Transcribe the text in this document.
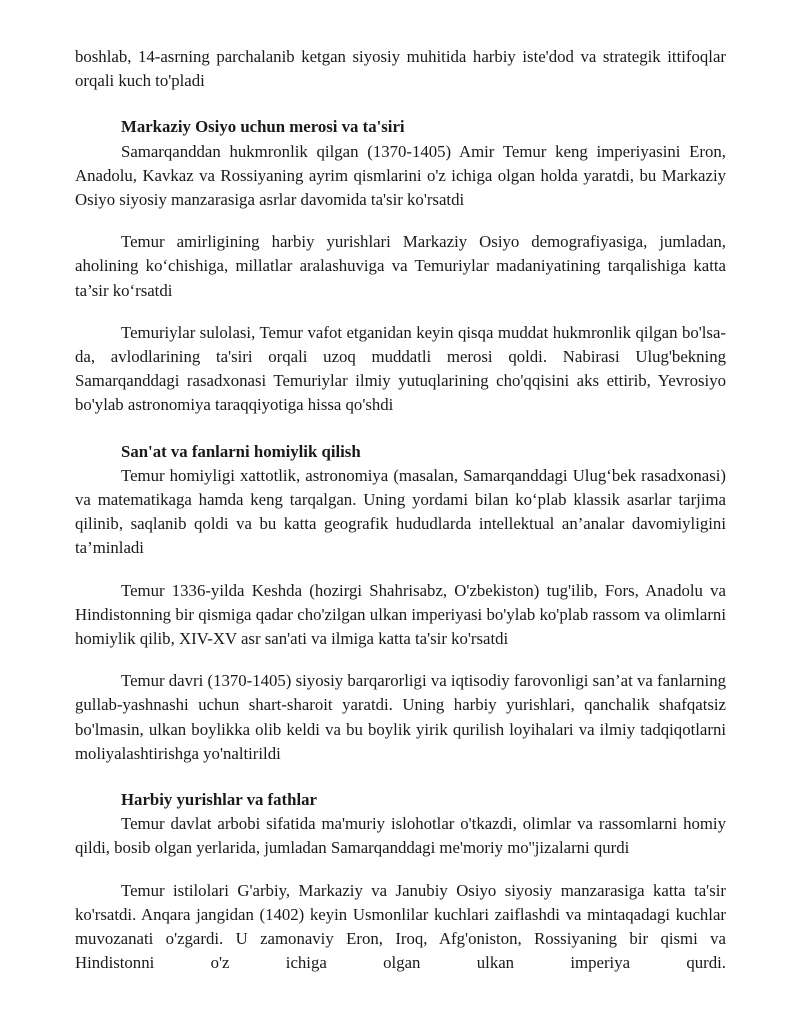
boshlab, 14-asrning parchalanib ketgan siyosiy muhitida harbiy iste'dod va strategik ittifoqlar orqali kuch to'pladi

Markaziy Osiyo uchun merosi va ta'siri

Samarqanddan hukmronlik qilgan (1370-1405) Amir Temur keng imperiyasini Eron, Anadolu, Kavkaz va Rossiyaning ayrim qismlarini o'z ichiga olgan holda yaratdi, bu Markaziy Osiyo siyosiy manzarasiga asrlar davomida ta'sir ko'rsatdi

Temur amirligining harbiy yurishlari Markaziy Osiyo demografiyasiga, jumladan, aholining ko‘chishiga, millatlar aralashuviga va Temuriylar madaniyatining tarqalishiga katta ta’sir ko‘rsatdi

Temuriylar sulolasi, Temur vafot etganidan keyin qisqa muddat hukmronlik qilgan bo'lsa-da, avlodlarining ta'siri orqali uzoq muddatli merosi qoldi. Nabirasi Ulug'bekning Samarqanddagi rasadxonasi Temuriylar ilmiy yutuqlarining cho'qqisini aks ettirib, Yevrosiyo bo'ylab astronomiya taraqqiyotiga hissa qo'shdi

San'at va fanlarni homiylik qilish

Temur homiyligi xattotlik, astronomiya (masalan, Samarqanddagi Ulug‘bek rasadxonasi) va matematikaga hamda keng tarqalgan. Uning yordami bilan ko‘plab klassik asarlar tarjima qilinib, saqlanib qoldi va bu katta geografik hududlarda intellektual an’analar davomiyligini ta’minladi

Temur 1336-yilda Keshda (hozirgi Shahrisabz, O'zbekiston) tug'ilib, Fors, Anadolu va Hindistonning bir qismiga qadar cho'zilgan ulkan imperiyasi bo'ylab ko'plab rassom va olimlarni homiylik qilib, XIV-XV asr san'ati va ilmiga katta ta'sir ko'rsatdi

Temur davri (1370-1405) siyosiy barqarorligi va iqtisodiy farovonligi san’at va fanlarning gullab-yashnashi uchun shart-sharoit yaratdi. Uning harbiy yurishlari, qanchalik shafqatsiz bo'lmasin, ulkan boylikka olib keldi va bu boylik yirik qurilish loyihalari va ilmiy tadqiqotlarni moliyalashtirishga yo'naltirildi

Harbiy yurishlar va fathlar

Temur davlat arbobi sifatida ma'muriy islohotlar o'tkazdi, olimlar va rassomlarni homiy qildi, bosib olgan yerlarida, jumladan Samarqanddagi me'moriy mo''jizalarni qurdi

Temur istilolari G'arbiy, Markaziy va Janubiy Osiyo siyosiy manzarasiga katta ta'sir ko'rsatdi. Anqara jangidan (1402) keyin Usmonlilar kuchlari zaiflashdi va mintaqadagi kuchlar muvozanati o'zgardi. U zamonaviy Eron, Iroq, Afg'oniston, Rossiyaning bir qismi va Hindistonni o'z ichiga olgan ulkan imperiya qurdi.
